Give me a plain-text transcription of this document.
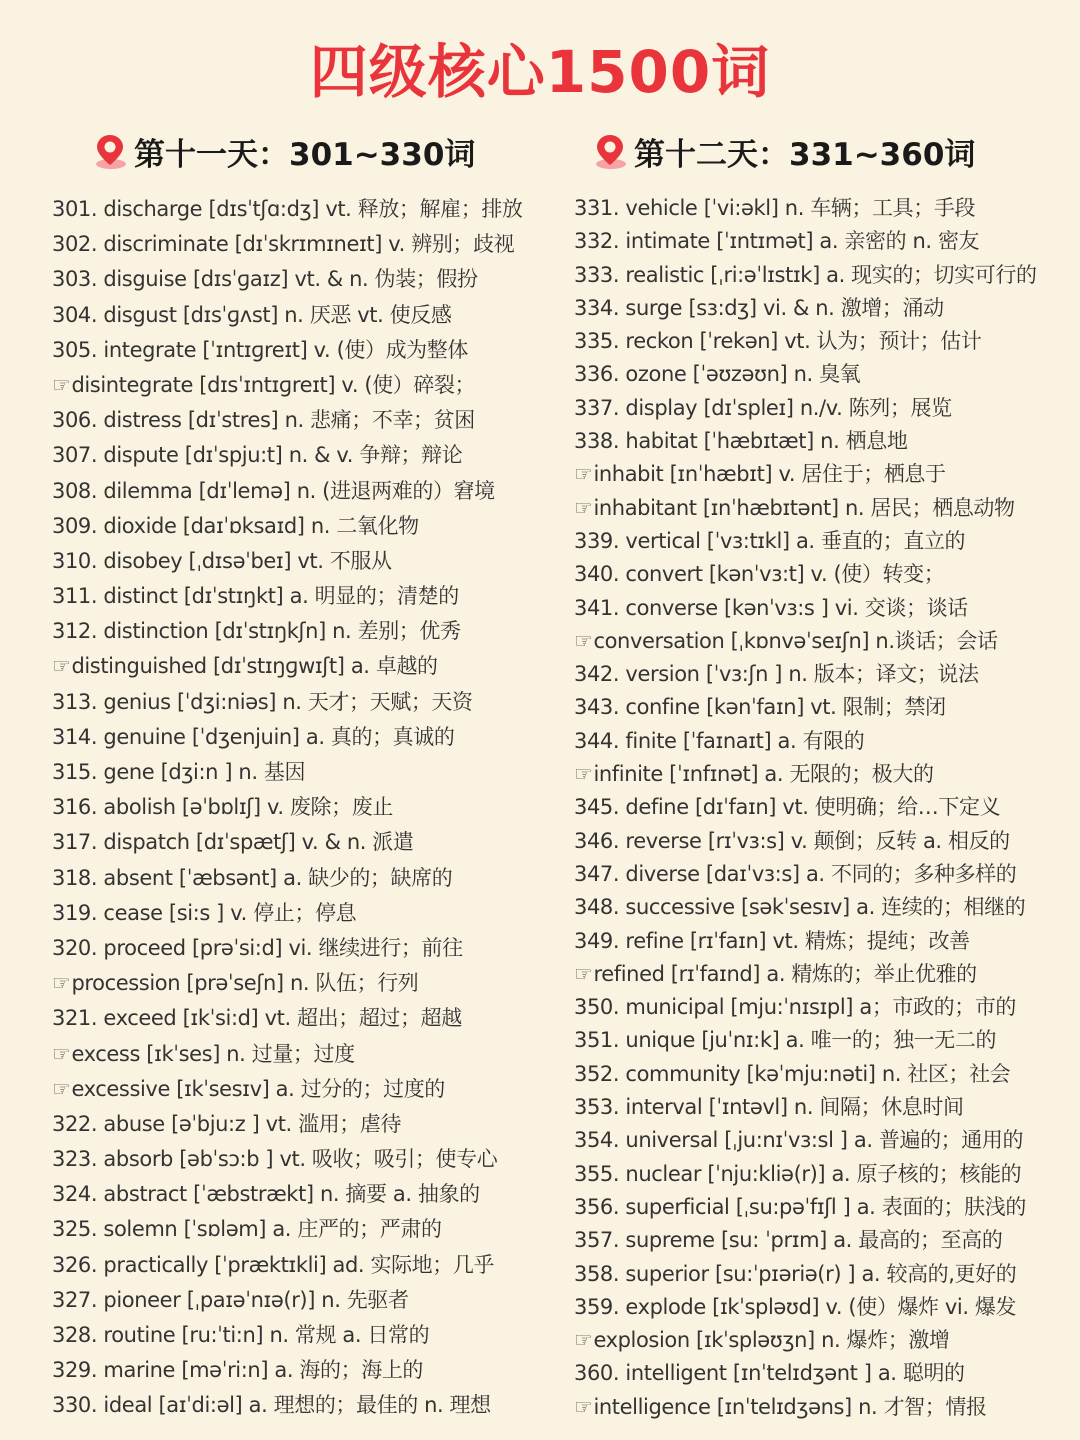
四级核心1500词
第十一天：301~330词
301. discharge [dɪsˈtʃɑ:dʒ] vt. 释放；解雇；排放
302. discriminate [dɪˈskrɪmɪneɪt] v. 辨别；歧视
303. disguise [dɪsˈɡaɪz] vt. & n. 伪装；假扮
304. disgust [dɪsˈɡʌst] n. 厌恶 vt. 使反感
305. integrate [ˈɪntɪɡreɪt] v. (使）成为整体
☞disintegrate [dɪsˈɪntɪɡreɪt] v. (使）碎裂；
306. distress [dɪˈstres] n. 悲痛；不幸；贫困
307. dispute [dɪˈspju:t] n. & v. 争辩；辩论
308. dilemma [dɪˈlemə] n. (进退两难的）窘境
309. dioxide [daɪˈɒksaɪd] n. 二氧化物
310. disobey [ˌdɪsəˈbeɪ] vt. 不服从
311. distinct [dɪˈstɪŋkt] a. 明显的；清楚的
312. distinction [dɪˈstɪŋkʃn] n. 差别；优秀
☞distinguished [dɪˈstɪŋɡwɪʃt] a. 卓越的
313. genius [ˈdʒi:niəs] n. 天才；天赋；天资
314. genuine [ˈdʒenjuin] a. 真的；真诚的
315. gene [dʒi:n ] n. 基因
316. abolish [əˈbɒlɪʃ] v. 废除；废止
317. dispatch [dɪˈspætʃ] v. & n. 派遣
318. absent [ˈæbsənt] a. 缺少的；缺席的
319. cease [si:s ] v. 停止；停息
320. proceed [prəˈsi:d] vi. 继续进行；前往
☞procession [prəˈseʃn] n. 队伍；行列
321. exceed [ɪkˈsi:d] vt. 超出；超过；超越
☞excess [ɪkˈses] n. 过量；过度
☞excessive [ɪkˈsesɪv] a. 过分的；过度的
322. abuse [əˈbju:z ] vt. 滥用；虐待
323. absorb [əbˈsɔ:b ] vt. 吸收；吸引；使专心
324. abstract [ˈæbstrækt] n. 摘要 a. 抽象的
325. solemn [ˈsɒləm] a. 庄严的；严肃的
326. practically [ˈpræktɪkli] ad. 实际地；几乎
327. pioneer [ˌpaɪəˈnɪə(r)] n. 先驱者
328. routine [ru:ˈti:n] n. 常规 a. 日常的
329. marine [məˈri:n] a. 海的；海上的
330. ideal [aɪˈdi:əl] a. 理想的；最佳的 n. 理想
第十二天：331~360词
331. vehicle [ˈvi:əkl] n. 车辆；工具；手段
332. intimate [ˈɪntɪmət] a. 亲密的 n. 密友
333. realistic [ˌri:əˈlɪstɪk] a. 现实的；切实可行的
334. surge [sɜ:dʒ] vi. & n. 激增；涌动
335. reckon [ˈrekən] vt. 认为；预计；估计
336. ozone [ˈəʊzəʊn] n. 臭氧
337. display [dɪˈspleɪ] n./v. 陈列；展览
338. habitat [ˈhæbɪtæt] n. 栖息地
☞inhabit [ɪnˈhæbɪt] v. 居住于；栖息于
☞inhabitant [ɪnˈhæbɪtənt] n. 居民；栖息动物
339. vertical [ˈvɜ:tɪkl] a. 垂直的；直立的
340. convert [kənˈvɜ:t] v. (使）转变；
341. converse [kənˈvɜ:s ] vi. 交谈；谈话
☞conversation [ˌkɒnvəˈseɪʃn] n.谈话；会话
342. version [ˈvɜ:ʃn ] n. 版本；译文；说法
343. confine [kənˈfaɪn] vt. 限制；禁闭
344. finite [ˈfaɪnaɪt] a. 有限的
☞infinite [ˈɪnfɪnət] a. 无限的；极大的
345. define [dɪˈfaɪn] vt. 使明确；给…下定义
346. reverse [rɪˈvɜ:s] v. 颠倒；反转 a. 相反的
347. diverse [daɪˈvɜ:s] a. 不同的；多种多样的
348. successive [səkˈsesɪv] a. 连续的；相继的
349. refine [rɪˈfaɪn] vt. 精炼；提纯；改善
☞refined [rɪˈfaɪnd] a. 精炼的；举止优雅的
350. municipal [mju:ˈnɪsɪpl] a；市政的；市的
351. unique [juˈnɪ:k] a. 唯一的；独一无二的
352. community [kəˈmju:nəti] n. 社区；社会
353. interval [ˈɪntəvl] n. 间隔；休息时间
354. universal [ˌju:nɪˈvɜ:sl ] a. 普遍的；通用的
355. nuclear [ˈnju:kliə(r)] a. 原子核的；核能的
356. superficial [ˌsu:pəˈfɪʃl ] a. 表面的；肤浅的
357. supreme [su: ˈprɪm] a. 最高的；至高的
358. superior [su:ˈpɪəriə(r) ] a. 较高的,更好的
359. explode [ɪkˈspləʊd] v. (使）爆炸 vi. 爆发
☞explosion [ɪkˈspləʊʒn] n. 爆炸；激增
360. intelligent [ɪnˈtelɪdʒənt ] a. 聪明的
☞intelligence [ɪnˈtelɪdʒəns] n. 才智；情报
